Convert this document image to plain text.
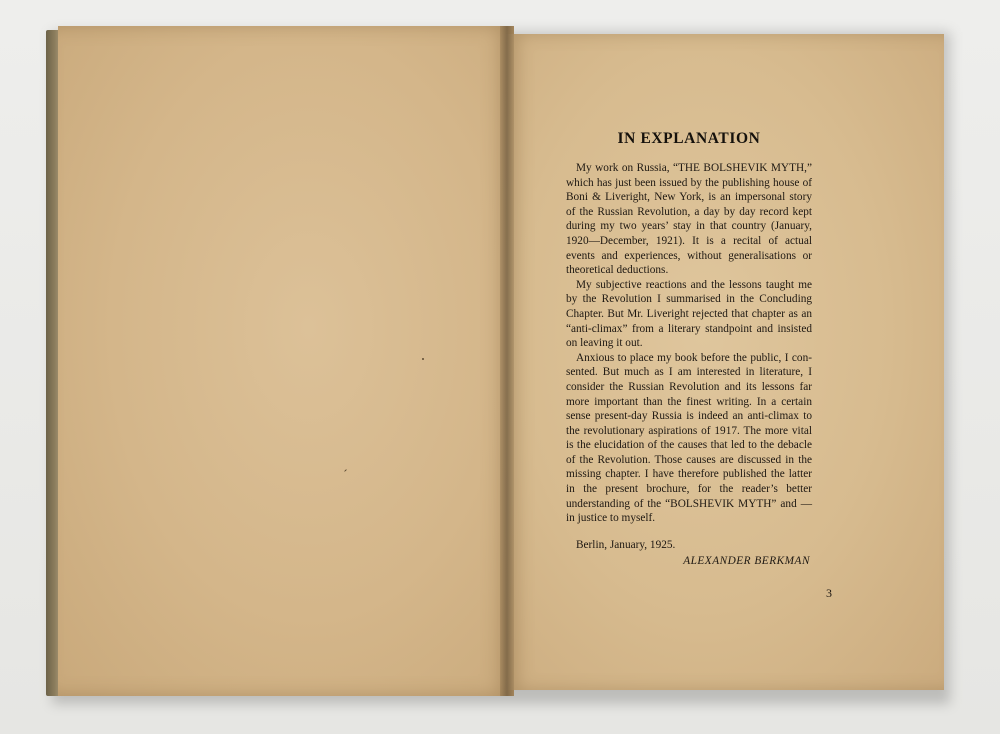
IN EXPLANATION

My work on Russia, “THE BOLSHEVIK MYTH,” which has just been issued by the publishing house of Boni & Liveright, New York, is an impersonal story of the Russian Revolution, a day by day record kept during my two years’ stay in that country (January, 1920—December, 1921). It is a recital of actual events and experiences, without generalisations or theoretical deductions.

My subjective reactions and the lessons taught me by the Revolution I summarised in the Concluding Chapter. But Mr. Liveright rejected that chapter as an “anti-climax” from a literary standpoint and insisted on leaving it out.

Anxious to place my book before the public, I consented. But much as I am interested in literature, I consider the Russian Revolution and its lessons far more important than the finest writing. In a certain sense present-day Russia is indeed an anti-climax to the revolutionary aspirations of 1917. The more vital is the elucidation of the causes that led to the debacle of the Revolution. Those causes are discussed in the missing chapter. I have therefore published the latter in the present brochure, for the reader’s better understanding of the “BOLSHEVIK MYTH” and — in justice to myself.

Berlin, January, 1925.

ALEXANDER BERKMAN

3
